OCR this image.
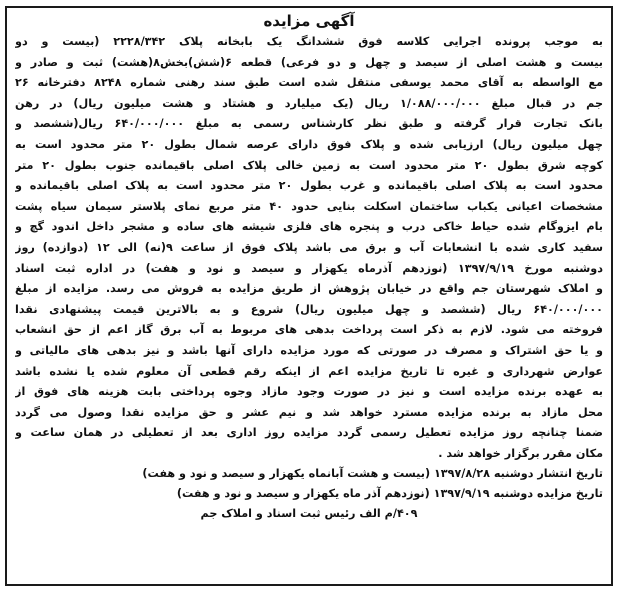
آگهی مزایده
به موجب پرونده اجرایی کلاسه فوق ششدانگ یک بابخانه پلاک ۲۲۲۸/۳۴۲ (بیست و دو
بیست و هشت اصلی از سیصد و چهل و دو فرعی) قطعه ۶(شش)بخش۸(هشت) ثبت و صادر و
مع الواسطه به آقای محمد یوسفی منتقل شده است طبق سند رهنی شماره ۸۲۴۸ دفترخانه ۲۶
جم در قبال مبلغ ۱/۰۸۸/۰۰۰/۰۰۰ ریال (یک میلیارد و هشتاد و هشت میلیون ریال) در رهن
بانک تجارت قرار گرفته و طبق نظر کارشناس رسمی به مبلغ ۶۴۰/۰۰۰/۰۰۰ ریال(ششصد و
چهل میلیون ریال) ارزیابی شده و پلاک فوق دارای عرصه شمال بطول ۲۰ متر محدود است به
کوچه شرق بطول ۲۰ متر محدود است به زمین خالی پلاک اصلی باقیمانده جنوب بطول ۲۰ متر
محدود است به پلاک اصلی باقیمانده و غرب بطول ۲۰ متر محدود است به پلاک اصلی باقیمانده و
مشخصات اعیانی یکباب ساختمان اسکلت بنایی حدود ۴۰ متر مربع نمای پلاستر سیمان سیاه پشت
بام ایزوگام شده حیاط خاکی درب و پنجره های فلزی شیشه های ساده و مشجر داخل اندود گچ و
سفید کاری شده با انشعابات آب و برق می باشد پلاک فوق از ساعت ۹(نه) الی ۱۲ (دوازده) روز
دوشنبه مورخ ۱۳۹۷/۹/۱۹ (نوزدهم آذرماه یکهزار و سیصد و نود و هفت) در اداره ثبت اسناد
و املاک شهرستان جم واقع در خیابان پژوهش از طریق مزایده به فروش می رسد. مزایده از مبلغ
۶۴۰/۰۰۰/۰۰۰ ریال (ششصد و چهل میلیون ریال) شروع و به بالاترین قیمت پیشنهادی نقدا
فروخته می شود. لازم به ذکر است پرداخت بدهی های مربوط به آب برق گاز اعم از حق انشعاب
و یا حق اشتراک و مصرف در صورتی که مورد مزایده دارای آنها باشد و نیز بدهی های مالیاتی و
عوارض شهرداری و غیره تا تاریخ مزایده اعم از اینکه رقم قطعی آن معلوم شده یا نشده باشد
به عهده برنده مزایده است و نیز در صورت وجود مازاد وجوه پرداختی بابت هزینه های فوق از
محل مازاد به برنده مزایده مسترد خواهد شد و نیم عشر و حق مزایده نقدا وصول می گردد
ضمنا چنانچه روز مزایده تعطیل رسمی گردد مزایده روز اداری بعد از تعطیلی در همان ساعت و
مکان مقرر برگزار خواهد شد .
تاریخ انتشار دوشنبه ۱۳۹۷/۸/۲۸ (بیست و هشت آبانماه یکهزار و سیصد و نود و هفت)
تاریخ مزایده دوشنبه ۱۳۹۷/۹/۱۹ (نوزدهم آذر ماه یکهزار و سیصد و نود و هفت)
۴۰۹/م الف رئیس ثبت اسناد و املاک جم
